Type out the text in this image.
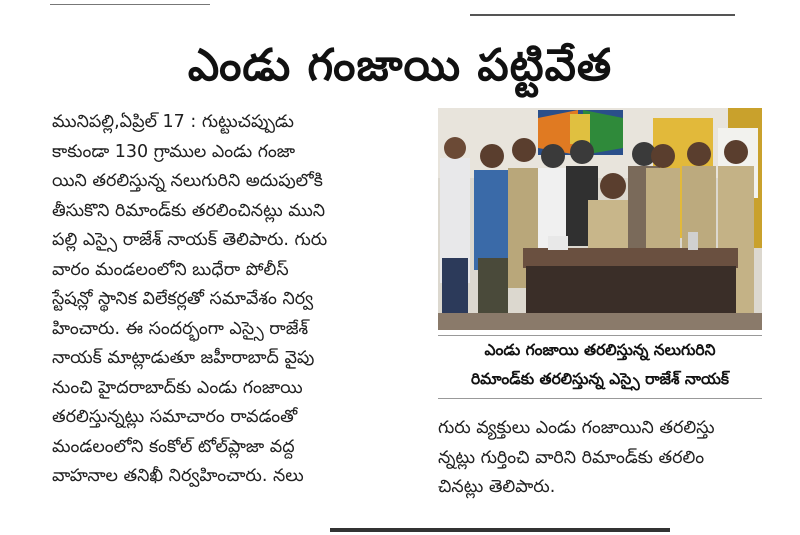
ఎండు గంజాయి పట్టివేత
మునిపల్లి,ఏప్రిల్ 17 : గుట్టుచప్పుడు
కాకుండా 130 గ్రాముల ఎండు గంజా
యిని తరలిస్తున్న నలుగురిని అదుపులోకి
తీసుకొని రిమాండ్‌కు తరలించినట్లు ముని
పల్లి ఎస్సై రాజేశ్ నాయక్ తెలిపారు. గురు
వారం మండలంలోని బుధేరా పోలీస్
స్టేషన్లో స్థానిక విలేకర్లతో సమావేశం నిర్వ
హించారు. ఈ సందర్భంగా ఎస్సై రాజేశ్
నాయక్ మాట్లాడుతూ జహీరాబాద్ వైపు
నుంచి హైదరాబాద్‌కు ఎండు గంజాయి
తరలిస్తున్నట్లు సమాచారం రావడంతో
మండలంలోని కంకోల్ టోల్‌ప్లాజా వద్ద
వాహనాల తనిఖీ నిర్వహించారు. నలు
ఎండు గంజాయి తరలిస్తున్న నలుగురిని
రిమాండ్‌కు తరలిస్తున్న ఎస్సై రాజేశ్ నాయక్
గురు వ్యక్తులు ఎండు గంజాయిని తరలిస్తు
న్నట్లు గుర్తించి వారిని రిమాండ్‌కు తరలిం
చినట్లు తెలిపారు.
